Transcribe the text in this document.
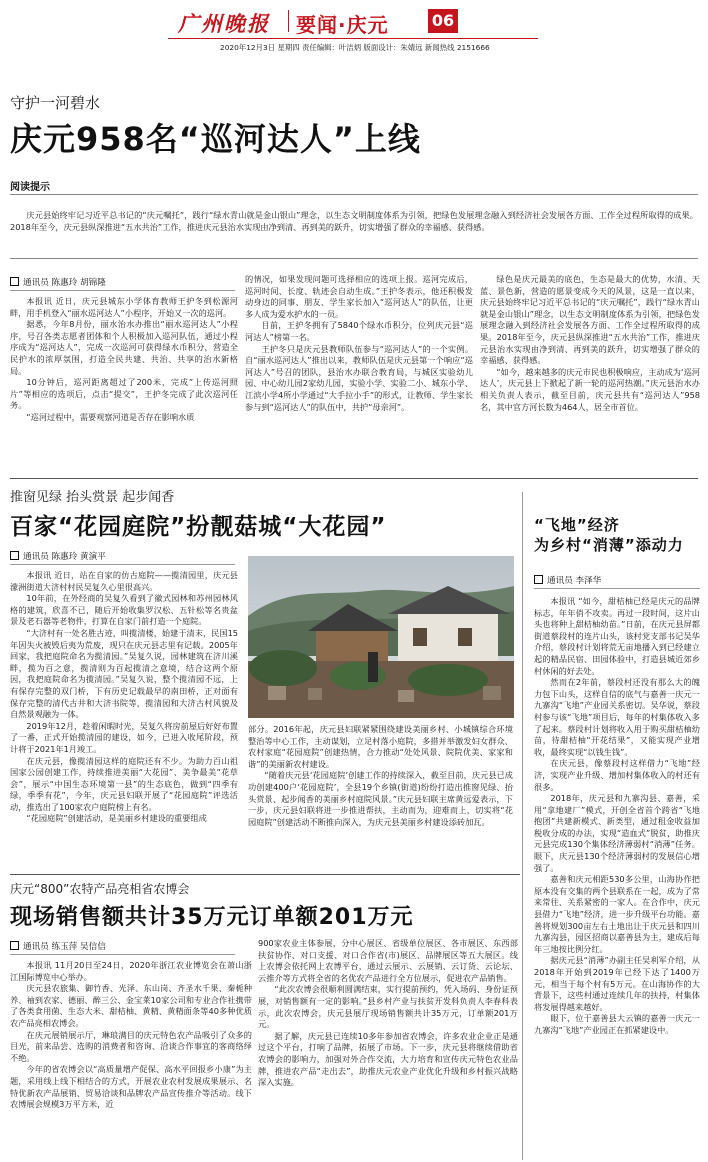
广州晚报	要闻·庆元	06
2020年12月3日 星期四 责任编辑：叶洁炳 版面设计：朱婧远 新闻热线 2151666
守护一河碧水
庆元958名“巡河达人”上线
阅读提示

庆元县始终牢记习近平总书记的“庆元嘱托”，践行“绿水青山就是金山银山”理念，以生态文明制度体系为引领，把绿色发展理念融入到经济社会发展各方面、工作全过程所取得的成果。2018年至今，庆元县纵深推进“五水共治”工作，推进庆元县治水实现由净到清、再到美的跃升，切实增强了群众的幸福感、获得感。

通讯员 陈惠玲 胡锦隆

本报讯 近日，庆元县城东小学体育教师王护冬到松源河畔，用手机登入“丽水巡河达人”小程序，开始又一次的巡河。

据悉，今年8月份，丽水治水办推出“丽水巡河达人”小程序，号召各类志愿者团体和个人积极加入巡河队伍，通过小程序成为“巡河达人”，完成一次巡河可获得绿水币积分，营造全民护水的浓厚氛围，打造全民共建、共治、共享的治水新格局。

10分钟后，巡河距离超过了200米，完成”上传巡河照片”等相应的选项后，点击“提交”，王护冬完成了此次巡河任务。

“巡河过程中，需要观察河道是否存在影响水质

的情况，如果发现问题可选择相应的选项上报。巡河完成后，巡河时间、长度、轨迹会自动生成。”王护冬表示，他还积极发动身边的同事、朋友、学生家长加入“巡河达人”的队伍，让更多人成为爱水护水的一员。

目前，王护冬拥有了5840个绿水币积分，位列庆元县“巡河达人”榜第一名。

王护冬只是庆元县教师队伍参与“巡河达人”的一个实例。自“丽水巡河达人”推出以来，教师队伍是庆元县第一个响应“巡河达人”号召的团队，县治水办联合教育局，与城区实验幼儿园、中心幼儿园2家幼儿园，实验小学、实验二小、城东小学、江滨小学4所小学通过“大手拉小手”的形式，让教师、学生家长参与到“巡河达人”的队伍中，共护“母亲河”。

绿色是庆元最美的底色，生态是最大的优势，水清、天蓝、景色新，营造的愿景变成今天的风景，这是一直以来，庆元县始终牢记习近平总书记的“庆元嘱托”，践行“绿水青山就是金山银山”理念，以生态文明制度体系为引领，把绿色发展理念融入到经济社会发展各方面、工作全过程所取得的成果。2018年至今，庆元县纵深推进“五水共治”工作，推进庆元县治水实现由净到清、再到美的跃升，切实增强了群众的幸福感、获得感。

“如今，越来越多的庆元市民也积极响应，主动成为‘巡河达人’，庆元县上下掀起了新一轮的巡河热潮。”庆元县治水办相关负责人表示，截至目前，庆元县共有“巡河达人”958名，其中官方河长数为464人，居全市首位。

推窗见绿 抬头赏景 起步闻香
百家“花园庭院”扮靓菇城“大花园”
通讯员 陈惠玲 黄演平

本报讯 近日，站在自家的仿古庭院——揽清园里，庆元县濛洲街道大济村村民吴复久心里很高兴。

10年前，在外经商的吴复久看到了徽式园林和苏州园林风格的建筑，欣喜不已，随后开始收集罗汉松、五针松等名贵盆景及老石器等老物件，打算在自家门前打造一个庭院。

“大济村有一处名胜古迹，叫揽清楼，始建于清末，民国15年因失火被毁后夷为荒废，现只在庆元县志里有记载。2005年回家，我把庭院命名为揽清园。”吴复久说，园林建筑在济川溪畔，揽为百之意，揽清则为百起揽清之意境，结合这两个原因，我把庭院命名为揽清园。”吴复久说，整个揽清园不远，上有保存完整的双门桥，下有历史记载最早的南田桥，正对面有保存完整的清代古井和大济书院等，揽清园和大济古村风貌及自然景观融为一体。

2019年12月，趁着闲暇时光，吴复久将房前屋后好好布置了一番，正式开始揽清园的建设，如今，已进入收尾阶段，预计将于2021年1月竣工。

在庆元县，像揽清园这样的庭院还有不少。为助力百山祖国家公园创建工作，持续推进美丽“大花园”、美争最美“花草会”，展示“中国生态环境第一县”的生态底色，做到“四季有绿，季季有花”，今年，庆元县妇联开展了“花园庭院”评选活动，推选出了100家农户庭院榜上有名。

“花园庭院”创建活动，是美丽乡村建设的重要组成

部分。2016年起，庆元县妇联紧紧围绕建设美丽乡村、小城镇综合环境整治等中心工作，主动谋划，立足村落小庭院，多措并举激发妇女群众、农村家庭“花园庭院”创建热情，合力推动“处处风景、院院优美、家家和谐”的美丽新农村建设。

“随着庆元县‘花园庭院’创建工作的持续深入，截至目前，庆元县已成功创建400户‘花园庭院’，全县19个乡镇(街道)纷纷打造出推窗见绿、抬头赏景、起步闻香的美丽乡村庭院风景。”庆元县妇联主席黄远爱表示，下一步，庆元县妇联将进一步推进帮扶，主动而为，迎难而上，切实将“花园庭院”创建活动不断推向深入，为庆元县美丽乡村建设添砖加瓦。

庆元“800”农特产品亮相省农博会
现场销售额共计35万元订单额201万元
通讯员 练玉萍 吴信信

本报讯 11月20日至24日，2020年浙江农业博览会在萧山浙江国际博览中心举办。

庆元县农旅集、御竹香、光泽、东山岗、齐圣水千果、秦栀种养、袖到农家、德丽、醉三公、金宝莱10家公司和专业合作社携带了各类食用菌、生态大米、甜桔柚、黄精、黄精面条等40多种优质农产品亮相农博会。

在庆元展销展示厅，琳琅满目的庆元特色农产品吸引了众多的目光，前来品尝、选购的消费者和咨询、洽谈合作事宜的客商络绎不绝。

今年的省农博会以“高质量增产促保、高水平回报乡小康”为主题，采用线上线下相结合的方式，开展农业农村发展成果展示、名特优新农产品展销、贸易洽谈和品牌农产品宣传推介等活动。线下农博展会规模3万平方米，近

900家农业主体参展，分中心展区、省级单位展区、各市展区、东西部扶贫协作、对口支援、对口合作省(市)展区、品牌展区等五大展区。线上农博会依托网上农博平台，通过云展示、云展销、云订货、云论坛、云推介等方式将全省的名优农产品进行全方位展示，促进农产品销售。

“此次农博会很顺利圆满结束，实行提前预约，凭入场码、身份证预展，对销售额有一定的影响。”县乡村产业与扶贫开发科负责人李春科表示，此次农博会，庆元县展厅现场销售额共计35万元，订单额201万元。

据了解，庆元县已连续10多年参加省农博会，许多农业企业正是通过这个平台，打响了品牌，拓展了市场。下一步，庆元县将继续借助省农博会的影响力，加强对外合作交流，大力培育和宣传庆元特色农业品牌，推进农产品“走出去”，助推庆元农业产业优化升级和乡村振兴战略深入实施。

“飞地”经济
为乡村“消薄”添动力
通讯员 李泽华

本报讯 “如今，甜桔柚已经是庆元的品牌标志，年年俏不攻卖。再过一段时间，这片山头也将种上甜桔柚幼苗。”日前，在庆元县屏都街道蔡段村的连片山头，该村党支部书记吴华介绍，蔡段村计划将荒无亩地播入到已经建立起的精品民宿、田园体验中，打造县城近郊乡村休闲的好去处。

然而在2年前，蔡段村还没有那么大的魄力包下山头，这样自信的底气与嘉善一庆元一九寨沟“飞地”产业园关系密切。吴华说，蔡段村参与该“飞地”项目后，每年的村集体收入多了起来。蔡段村计划将收入用于购买甜桔柚幼苗，待甜桔柚“开花结果”，又能实现产业增收，最终实现“以钱生钱”。

在庆元县，像蔡段村这样借力“飞地”经济，实现产业升级、增加村集体收入的村还有很多。

2018年，庆元县和九寨沟县、嘉善，采用“拿地建厂”模式，开创全省首个跨省“飞地抱团”共建新模式、新类型，通过租金收益加税收分成的办法，实现“造血式”脱贫，助推庆元县完成130个集体经济薄弱村“消薄”任务。眼下，庆元县130个经济薄弱村的发展信心增强了。

嘉善和庆元相距530多公里，山海协作把原本没有交集的两个县联系在一起，成为了常来常往、关系紧密的一家人。在合作中，庆元县借力“飞地”经济，进一步升级平台功能。嘉善将规划300亩左右土地出让于庆元县和四川九寨沟县，园区招商以嘉善县为主，建成后每年三地按比例分红。

据庆元县“消薄”办副主任吴利军介绍，从2018年开始到2019年已经下达了1400万元，相当于每个村有5万元。在山海协作的大背景下，这些村通过连续几年的扶持，村集体将发展得越来越好。

眼下，位于嘉善县大云镇的嘉善一庆元一九寨沟“飞地”产业园正在抓紧建设中。
